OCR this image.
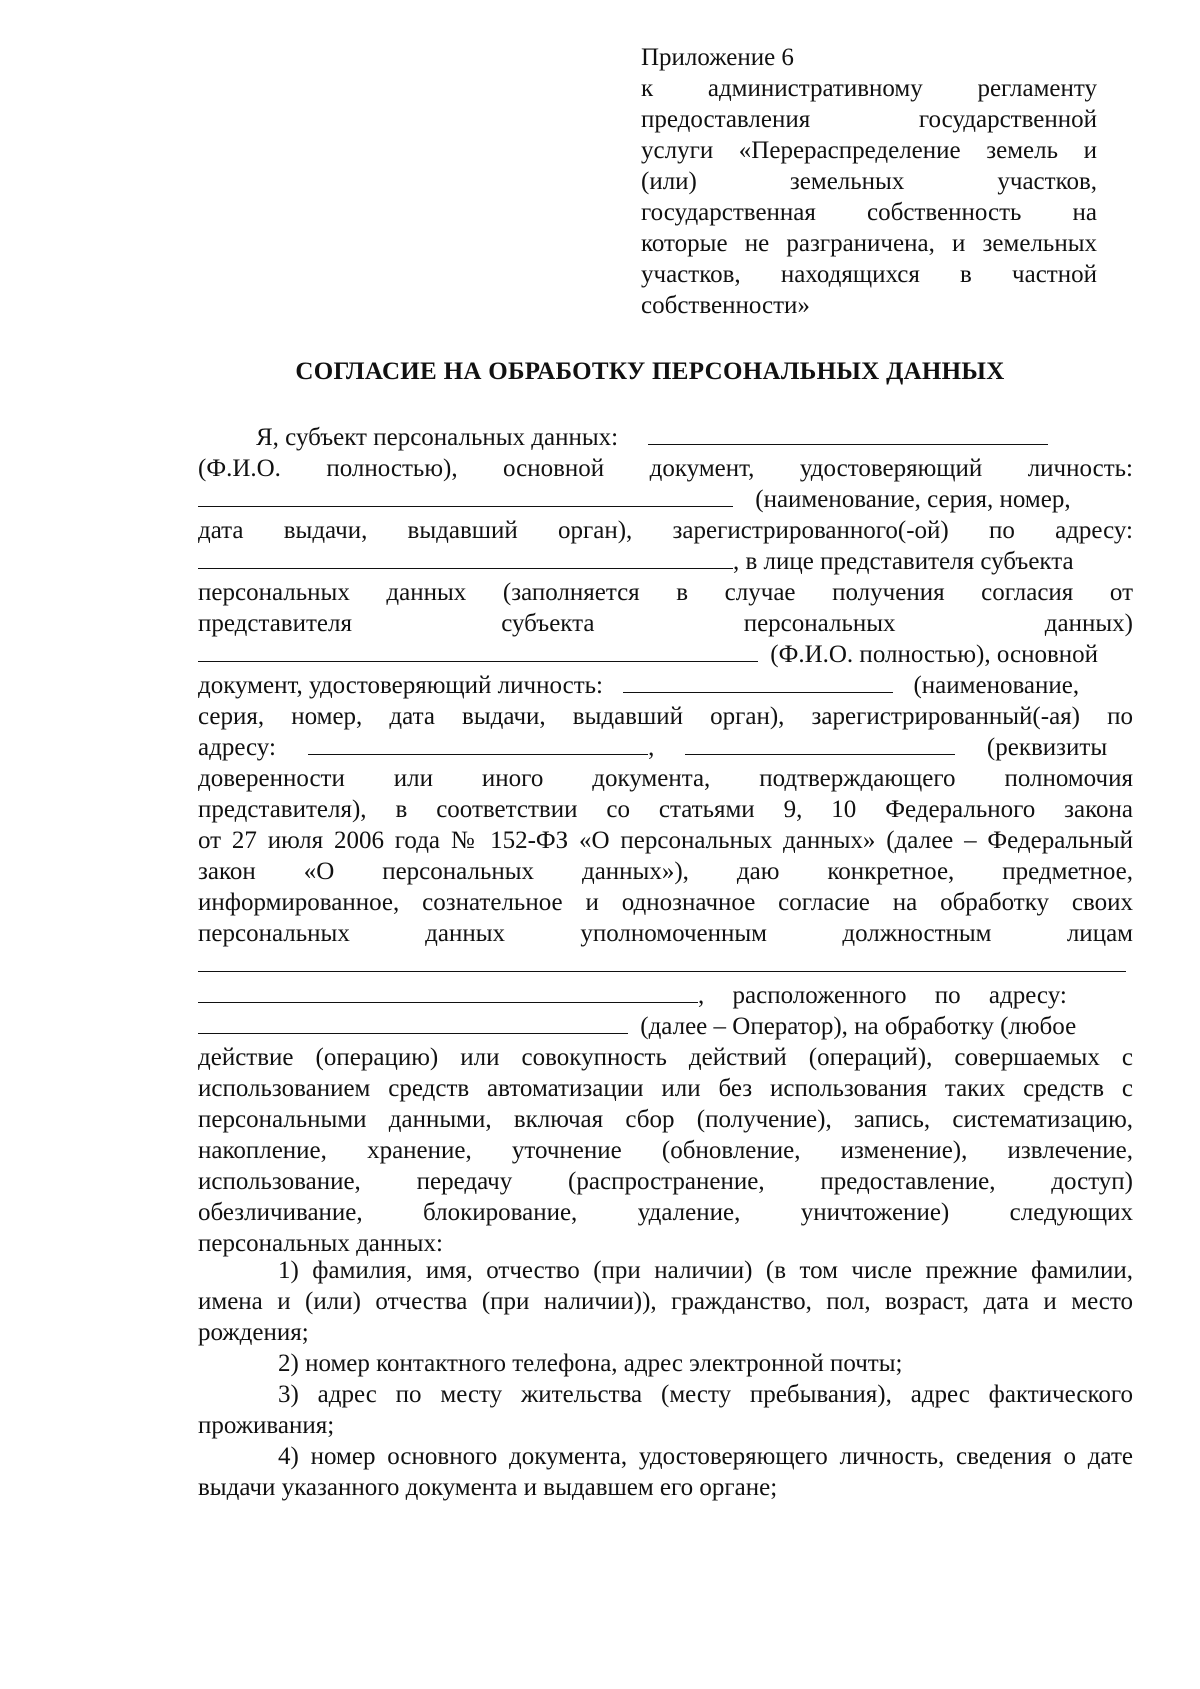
Приложение 6
к административному регламенту
предоставления государственной
услуги «Перераспределение земель и
(или) земельных участков,
государственная собственность на
которые не разграничена, и земельных
участков, находящихся в частной
собственности»
СОГЛАСИЕ НА ОБРАБОТКУ ПЕРСОНАЛЬНЫХ ДАННЫХ
Я, субъект персональных данных:
(Ф.И.О. полностью), основной документ, удостоверяющий личность:
(наименование, серия, номер,
дата выдачи, выдавший орган), зарегистрированного(-ой) по адресу:
, в лице представителя субъекта
персональных данных (заполняется в случае получения согласия от
представителя субъекта персональных данных)
(Ф.И.О. полностью), основной
документ, удостоверяющий личность:	(наименование,
серия, номер, дата выдачи, выдавший орган), зарегистрированный(-ая) по
адресу:	,	(реквизиты
доверенности или иного документа, подтверждающего полномочия
представителя), в соответствии со статьями 9, 10 Федерального закона
от 27 июля 2006 года № 152-ФЗ «О персональных данных» (далее – Федеральный
закон «О персональных данных»), даю конкретное, предметное,
информированное, сознательное и однозначное согласие на обработку своих
персональных данных уполномоченным должностным лицам
, расположенного по адресу:
(далее – Оператор), на обработку (любое
действие (операцию) или совокупность действий (операций), совершаемых с
использованием средств автоматизации или без использования таких средств с
персональными данными, включая сбор (получение), запись, систематизацию,
накопление, хранение, уточнение (обновление, изменение), извлечение,
использование, передачу (распространение, предоставление, доступ)
обезличивание, блокирование, удаление, уничтожение) следующих
персональных данных:
1) фамилия, имя, отчество (при наличии) (в том числе прежние фамилии,
имена и (или) отчества (при наличии)), гражданство, пол, возраст, дата и место
рождения;
2) номер контактного телефона, адрес электронной почты;
3) адрес по месту жительства (месту пребывания), адрес фактического
проживания;
4) номер основного документа, удостоверяющего личность, сведения о дате
выдачи указанного документа и выдавшем его органе;
